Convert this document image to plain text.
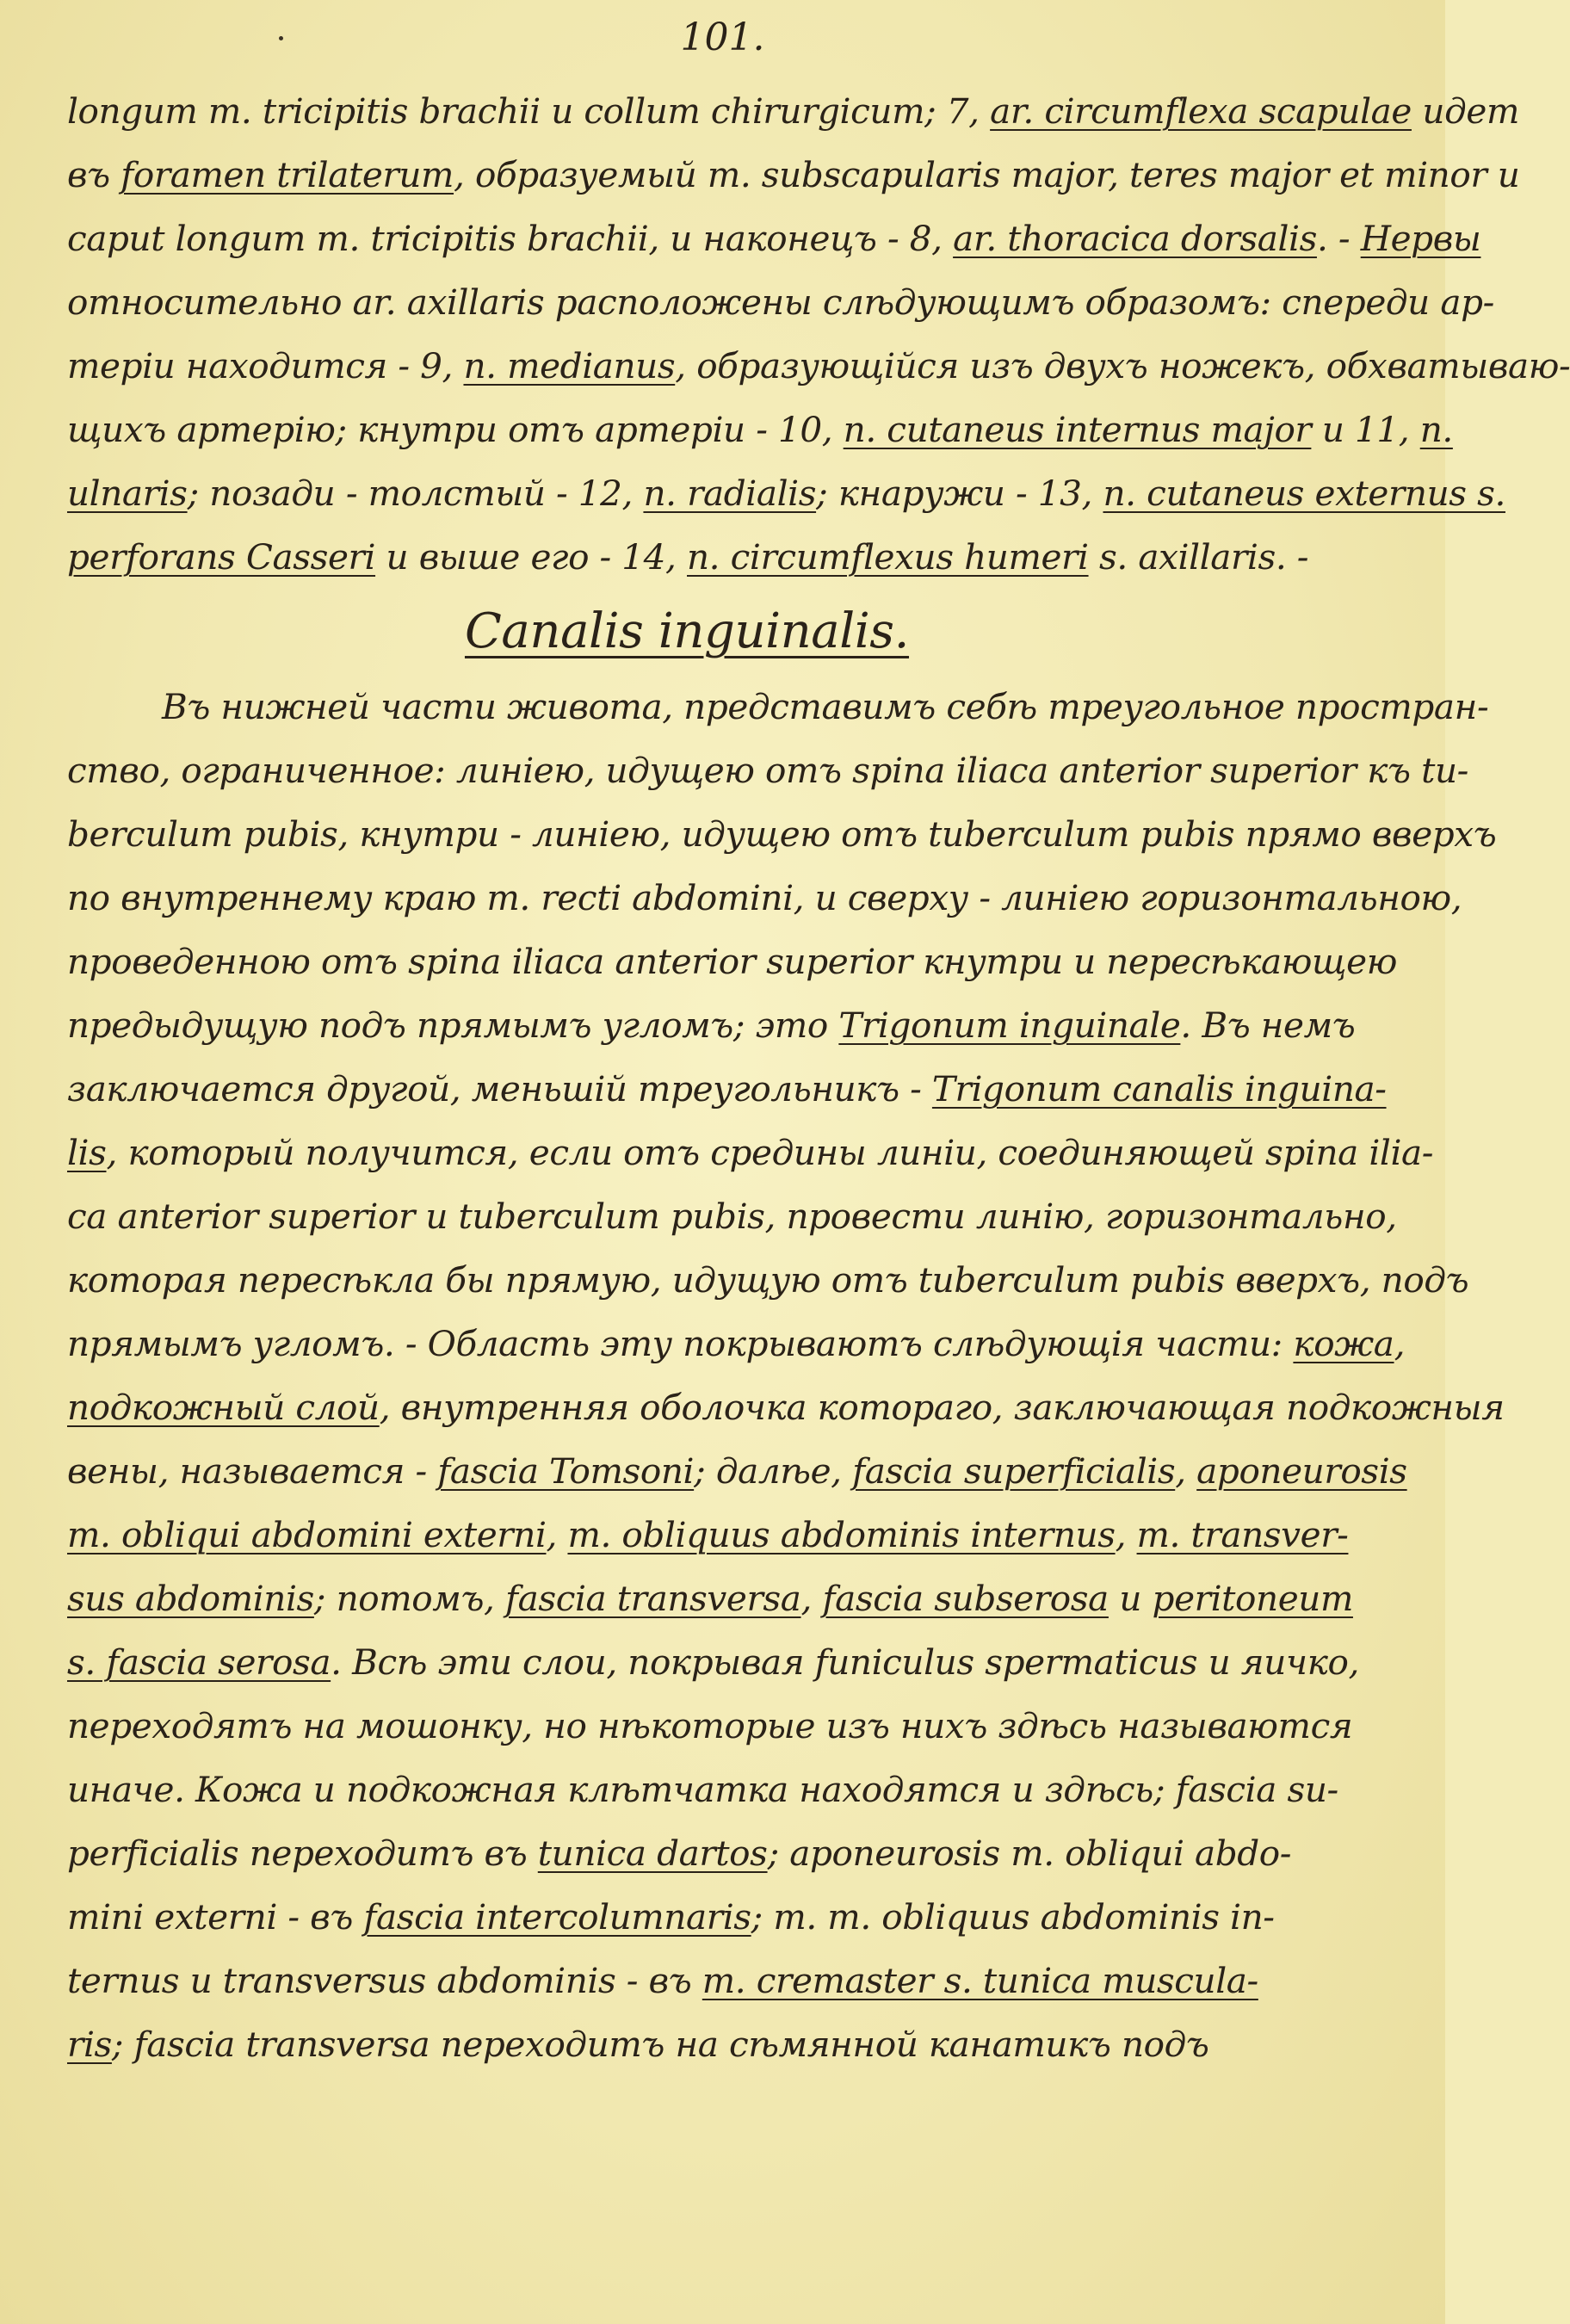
101.
longum m. tricipitis brachii и collum chirurgicum; 7, ar. circumflexa scapulae идет
въ foramen trilaterum, образуемый m. subscapularis major, teres major et minor и
caput longum m. tricipitis brachii, и наконецъ - 8, ar. thoracica dorsalis. - Нервы
относительно ar. axillaris расположены слѣдующимъ образомъ: спереди ар-
теріи находится - 9, n. medianus, образующійся изъ двухъ ножекъ, обхватываю-
щихъ артерію; кнутри отъ артеріи - 10, n. cutaneus internus major и 11, n.
ulnaris; позади - толстый - 12, n. radialis; кнаружи - 13, n. cutaneus externus s.
perforans Casseri и выше его - 14, n. circumflexus humeri s. axillaris. -
Canalis inguinalis.
Въ нижней части живота, представимъ себѣ треугольное простран-
ство, ограниченное: линіею, идущею отъ spina iliaca anterior superior къ tu-
berculum pubis, кнутри - линіею, идущею отъ tuberculum pubis прямо вверхъ
по внутреннему краю m. recti abdomini, и сверху - линіею горизонтальною,
проведенною отъ spina iliaca anterior superior кнутри и пересѣкающею
предыдущую подъ прямымъ угломъ; это Trigonum inguinale. Въ немъ
заключается другой, меньшій треугольникъ - Trigonum canalis inguina-
lis, который получится, если отъ средины линіи, соединяющей spina ilia-
ca anterior superior и tuberculum pubis, провести линію, горизонтально,
которая пересѣкла бы прямую, идущую отъ tuberculum pubis вверхъ, подъ
прямымъ угломъ. - Область эту покрываютъ слѣдующія части: кожа,
подкожный слой, внутренняя оболочка котораго, заключающая подкожныя
вены, называется - fascia Tomsoni; далѣе, fascia superficialis, aponeurosis
m. obliqui abdomini externi, m. obliquus abdominis internus, m. transver-
sus abdominis; потомъ, fascia transversa, fascia subserosa и peritoneum
s. fascia serosa. Всѣ эти слои, покрывая funiculus spermaticus и яичко,
переходятъ на мошонку, но нѣкоторые изъ нихъ здѣсь называются
иначе. Кожа и подкожная клѣтчатка находятся и здѣсь; fascia su-
perficialis переходитъ въ tunica dartos; aponeurosis m. obliqui abdo-
mini externi - въ fascia intercolumnaris; m. m. obliquus abdominis in-
ternus и transversus abdominis - въ m. cremaster s. tunica muscula-
ris; fascia transversa переходитъ на сѣмянной канатикъ подъ
